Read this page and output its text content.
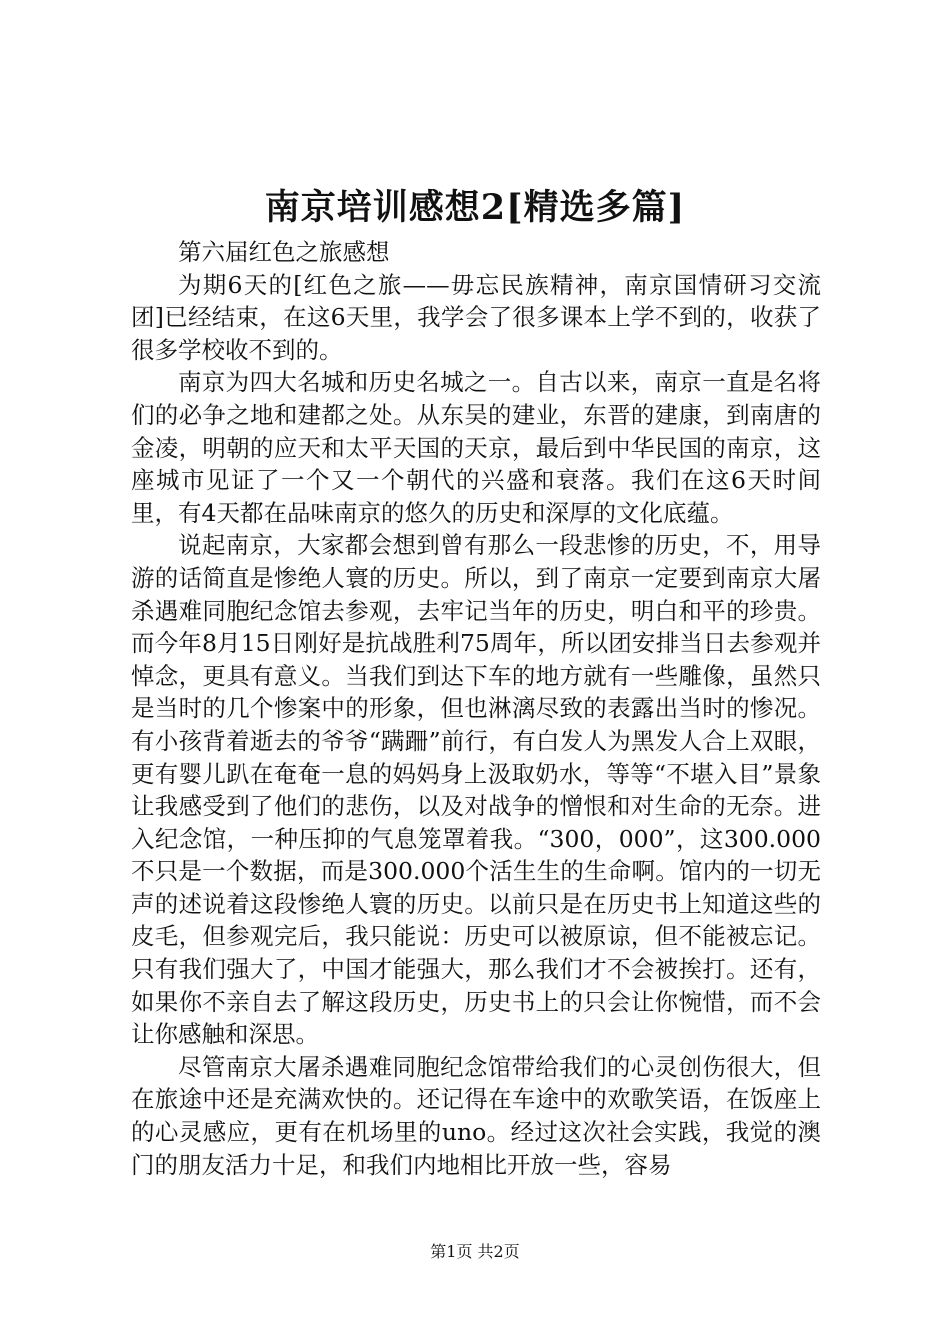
南京培训感想2[精选多篇]

第六届红色之旅感想

为期6天的[红色之旅——毋忘民族精神，南京国情研习交流团]已经结束，在这6天里，我学会了很多课本上学不到的，收获了很多学校收不到的。

南京为四大名城和历史名城之一。自古以来，南京一直是名将们的必争之地和建都之处。从东吴的建业，东晋的建康，到南唐的金凌，明朝的应天和太平天国的天京，最后到中华民国的南京，这座城市见证了一个又一个朝代的兴盛和衰落。我们在这6天时间里，有4天都在品味南京的悠久的历史和深厚的文化底蕴。

说起南京，大家都会想到曾有那么一段悲惨的历史，不，用导游的话简直是惨绝人寰的历史。所以，到了南京一定要到南京大屠杀遇难同胞纪念馆去参观，去牢记当年的历史，明白和平的珍贵。而今年8月15日刚好是抗战胜利75周年，所以团安排当日去参观并悼念，更具有意义。当我们到达下车的地方就有一些雕像，虽然只是当时的几个惨案中的形象，但也淋漓尽致的表露出当时的惨况。有小孩背着逝去的爷爷“蹒跚”前行，有白发人为黑发人合上双眼，更有婴儿趴在奄奄一息的妈妈身上汲取奶水，等等“不堪入目”景象让我感受到了他们的悲伤，以及对战争的憎恨和对生命的无奈。进入纪念馆，一种压抑的气息笼罩着我。“300，000”，这300.000不只是一个数据，而是300.000个活生生的生命啊。馆内的一切无声的述说着这段惨绝人寰的历史。以前只是在历史书上知道这些的皮毛，但参观完后，我只能说：历史可以被原谅，但不能被忘记。只有我们强大了，中国才能强大，那么我们才不会被挨打。还有，如果你不亲自去了解这段历史，历史书上的只会让你惋惜，而不会让你感触和深思。

尽管南京大屠杀遇难同胞纪念馆带给我们的心灵创伤很大，但在旅途中还是充满欢快的。还记得在车途中的欢歌笑语，在饭座上的心灵感应，更有在机场里的uno。经过这次社会实践，我觉的澳门的朋友活力十足，和我们内地相比开放一些，容易

第1页 共2页
